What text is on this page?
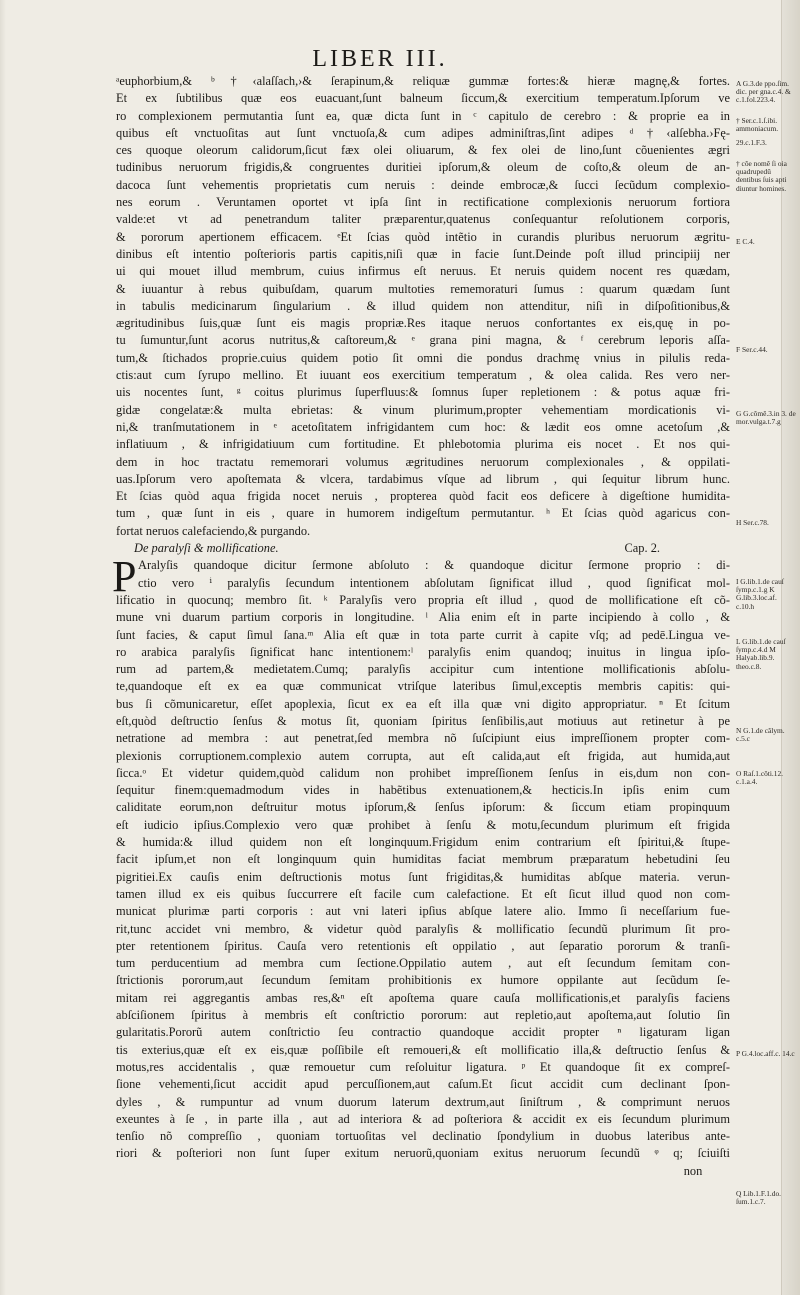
LIBER III.
ᵃeuphorbium,& ᵇ†‹alaſſach,›& ſerapinum,& reliquæ gummæ fortes:& hieræ magnę,& fortes.
Et ex ſubtilibus quæ eos euacuant,ſunt balneum ſiccum,& exercitium temperatum.Ipſorum ve
ro complexionem permutantia ſunt ea, quæ dicta ſunt in ᶜ capitulo de cerebro : & proprie ea in
quibus eſt vnctuoſitas aut ſunt vnctuoſa,& cum adipes adminiſtras,ſint adipes ᵈ†‹alſebha.›Fę-
ces quoque oleorum calidorum,ſicut fæx olei oliuarum, & fex olei de lino,ſunt cõuenientes ægri
tudinibus neruorum frigidis,& congruentes duritiei ipſorum,& oleum de coſto,& oleum de an-
dacoca ſunt vehementis proprietatis cum neruis : deinde embrocæ,& ſucci ſecũdum complexio-
nes eorum . Veruntamen oportet vt ipſa ſint in rectificatione complexionis neruorum fortiora
valde:et vt ad penetrandum taliter præparentur,quatenus conſequantur reſolutionem corporis,
& pororum apertionem efficacem. ᵉEt ſcias quòd intẽtio in curandis pluribus neruorum ægritu-
dinibus eſt intentio poſterioris partis capitis,niſi quæ in facie ſunt.Deinde poſt illud principiĳ ner
ui qui mouet illud membrum, cuius infirmus eſt neruus. Et neruis quidem nocent res quædam,
& iuuantur à rebus quibuſdam, quarum multoties rememoraturi ſumus : quarum quædam ſunt
in tabulis medicinarum ſingularium . & illud quidem non attenditur, niſi in diſpoſitionibus,&
ægritudinibus ſuis,quæ ſunt eis magis propriæ.Res itaque neruos confortantes ex eis,quę in po-
tu ſumuntur,ſunt acorus nutritus,& caſtoreum,& ᵉ grana pini magna, & ᶠ cerebrum leporis aſſa-
tum,& ſtichados proprie.cuius quidem potio ſit omni die pondus drachmę vnius in pilulis reda-
ctis:aut cum ſyrupo mellino. Et iuuant eos exercitium temperatum , & olea calida. Res vero ner-
uis nocentes ſunt, ᵍ coitus plurimus ſuperfluus:& ſomnus ſuper repletionem : & potus aquæ fri-
gidæ congelatæ:& multa ebrietas: & vinum plurimum,propter vehementiam mordicationis vi-
ni,& tranſmutationem in ᵉ acetoſitatem infrigidantem cum hoc: & lædit eos omne acetoſum ,&
inflatiuum , & infrigidatiuum cum fortitudine. Et phlebotomia plurima eis nocet . Et nos qui-
dem in hoc tractatu rememorari volumus ægritudines neruorum complexionales , & oppilati-
uas.Ipſorum vero apoſtemata & vlcera, tardabimus vſque ad librum , qui ſequitur librum hunc.
Et ſcias quòd aqua frigida nocet neruis , propterea quòd facit eos deficere à digeſtione humidita-
tum , quæ ſunt in eis , quare in humorem indigeſtum permutantur. ʰ Et ſcias quòd agaricus con-
fortat neruos calefaciendo,& purgando.
De paralyſi & mollificatione.	Cap. 2.
P Aralyſis quandoque dicitur ſermone abſoluto : & quandoque dicitur ſermone proprio : di-
ctio vero ⁱ paralyſis ſecundum intentionem abſolutam ſignificat illud , quod ſignificat mol-
lificatio in quocunq; membro ſit. ᵏ Paralyſis vero propria eſt illud , quod de mollificatione eſt cõ-
mune vni duarum partium corporis in longitudine. ˡ Alia enim eſt in parte incipiendo à collo , &
ſunt facies, & caput ſimul ſana.ᵐ Alia eſt quæ in tota parte currit à capite vſq; ad pedē.Lingua ve-
ro arabica paralyſis ſignificat hanc intentionem:ˡ paralyſis enim quandoq; inuitus in lingua ipſo-
rum ad partem,& medietatem.Cumq; paralyſis accipitur cum intentione mollificationis abſolu-
te,quandoque eſt ex ea quæ communicat vtriſque lateribus ſimul,exceptis membris capitis: qui-
bus ſi cõmunicaretur, eſſet apoplexia, ſicut ex ea eſt illa quæ vni digito appropriatur. ⁿ Et ſcitum
eſt,quòd deſtructio ſenſus & motus ſit, quoniam ſpiritus ſenſibilis,aut motiuus aut retinetur à pe
netratione ad membra : aut penetrat,ſed membra nõ ſuſcipiunt eius impreſſionem propter com-
plexionis corruptionem.complexio autem corrupta, aut eſt calida,aut eſt frigida, aut humida,aut
ſicca.ᵒ Et videtur quidem,quòd calidum non prohibet impreſſionem ſenſus in eis,dum non con-
ſequitur finem:quemadmodum vides in habẽtibus extenuationem,& hecticis.In ipſis enim cum
caliditate eorum,non deſtruitur motus ipſorum,& ſenſus ipſorum: & ſiccum etiam propinquum
eſt iudicio ipſius.Complexio vero quæ prohibet à ſenſu & motu,ſecundum plurimum eſt frigida
& humida:& illud quidem non eſt longinquum.Frigidum enim contrarium eſt ſpiritui,& ſtupe-
facit ipſum,et non eſt longinquum quin humiditas faciat membrum præparatum hebetudini ſeu
pigritiei.Ex cauſis enim deſtructionis motus ſunt frigiditas,& humiditas abſque materia. verun-
tamen illud ex eis quibus ſuccurrere eſt facile cum calefactione. Et eſt ſicut illud quod non com-
municat plurimæ parti corporis : aut vni lateri ipſius abſque latere alio. Immo ſi neceſſarium fue-
rit,tunc accidet vni membro, & videtur quòd paralyſis & mollificatio ſecundũ plurimum ſit pro-
pter retentionem ſpiritus. Cauſa vero retentionis eſt oppilatio , aut ſeparatio pororum & tranſi-
tum perducentium ad membra cum ſectione.Oppilatio autem , aut eſt ſecundum ſemitam con-
ſtrictionis pororum,aut ſecundum ſemitam prohibitionis ex humore oppilante aut ſecũdum ſe-
mitam rei aggregantis ambas res,&ⁿ eſt apoſtema quare cauſa mollificationis,et paralyſis faciens
abſciſionem ſpiritus à membris eſt conſtrictio pororum: aut repletio,aut apoſtema,aut ſolutio ſin
gularitatis.Pororũ autem conſtrictio ſeu contractio quandoque accidit propter ⁿ ligaturam ligan
tis exterius,quæ eſt ex eis,quæ poſſibile eſt remoueri,& eſt mollificatio illa,& deſtructio ſenſus &
motus,res accidentalis , quæ remouetur cum reſoluitur ligatura. ᵖ Et quandoque ſit ex compreſ-
ſione vehementi,ſicut accidit apud percuſſionem,aut caſum.Et ſicut accidit cum declinant ſpon-
dyles , & rumpuntur ad vnum duorum laterum dextrum,aut ſiniſtrum , & comprimunt neruos
exeuntes à ſe , in parte illa , aut ad interiora & ad poſteriora & accidit ex eis ſecundum plurimum
tenſio nõ compreſſio , quoniam tortuoſitas vel declinatio ſpondylium in duobus lateribus ante-
riori & poſteriori non ſunt ſuper exitum neruorũ,quoniam exitus neruorum ſecundũ ᵠ q; ſciuiſti
non
A G.3.de ppo.ſim. dic. per gna.c.4. & c.1.fol.223.4.
† Ser.c.1.ſ.ibi. ammoniacum.
29.c.1.F.3.
† cõe nomẽ ſi oia quadrupedũ dentibus ſuis apti diuntur homines.
E C.4.
F Ser.c.44.
G G.cõmẽ.3.in 3. de mor.vulga.t.7.g
H Ser.c.78.
I G.lib.1.de cauſ ſymp.c.1.g K G.lib.3.loc.af. c.10.h
L G.lib.1.de cauſ ſymp.c.4.d M Halyab.lib.9. theo.c.8.
N G.1.de cãlym. c.5.c
O Raſ.1.cõti.12. c.1.a.4.
P G.4.loc.aff.c. 14.c
Q Lib.1.F.1.do. ſum.1.c.7.
